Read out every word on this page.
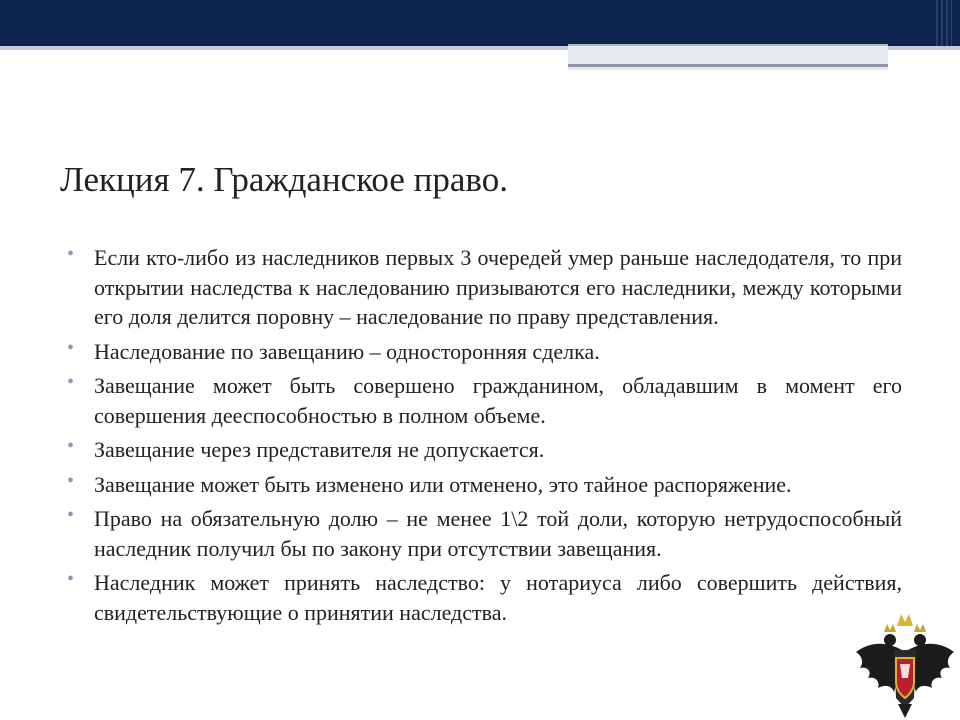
Лекция 7. Гражданское право.
• Если кто-либо из наследников первых 3 очередей умер раньше наследодателя, то при открытии наследства к наследованию призываются его наследники, между которыми его доля делится поровну – наследование по праву представления.
• Наследование по завещанию – односторонняя сделка.
• Завещание может быть совершено гражданином, обладавшим в момент его совершения дееспособностью в полном объеме.
• Завещание через представителя не допускается.
• Завещание может быть изменено или отменено, это тайное распоряжение.
• Право на обязательную долю – не менее 1\2 той доли, которую нетрудоспособный наследник получил бы по закону при отсутствии завещания.
• Наследник может принять наследство: у нотариуса либо совершить действия, свидетельствующие о принятии наследства.
